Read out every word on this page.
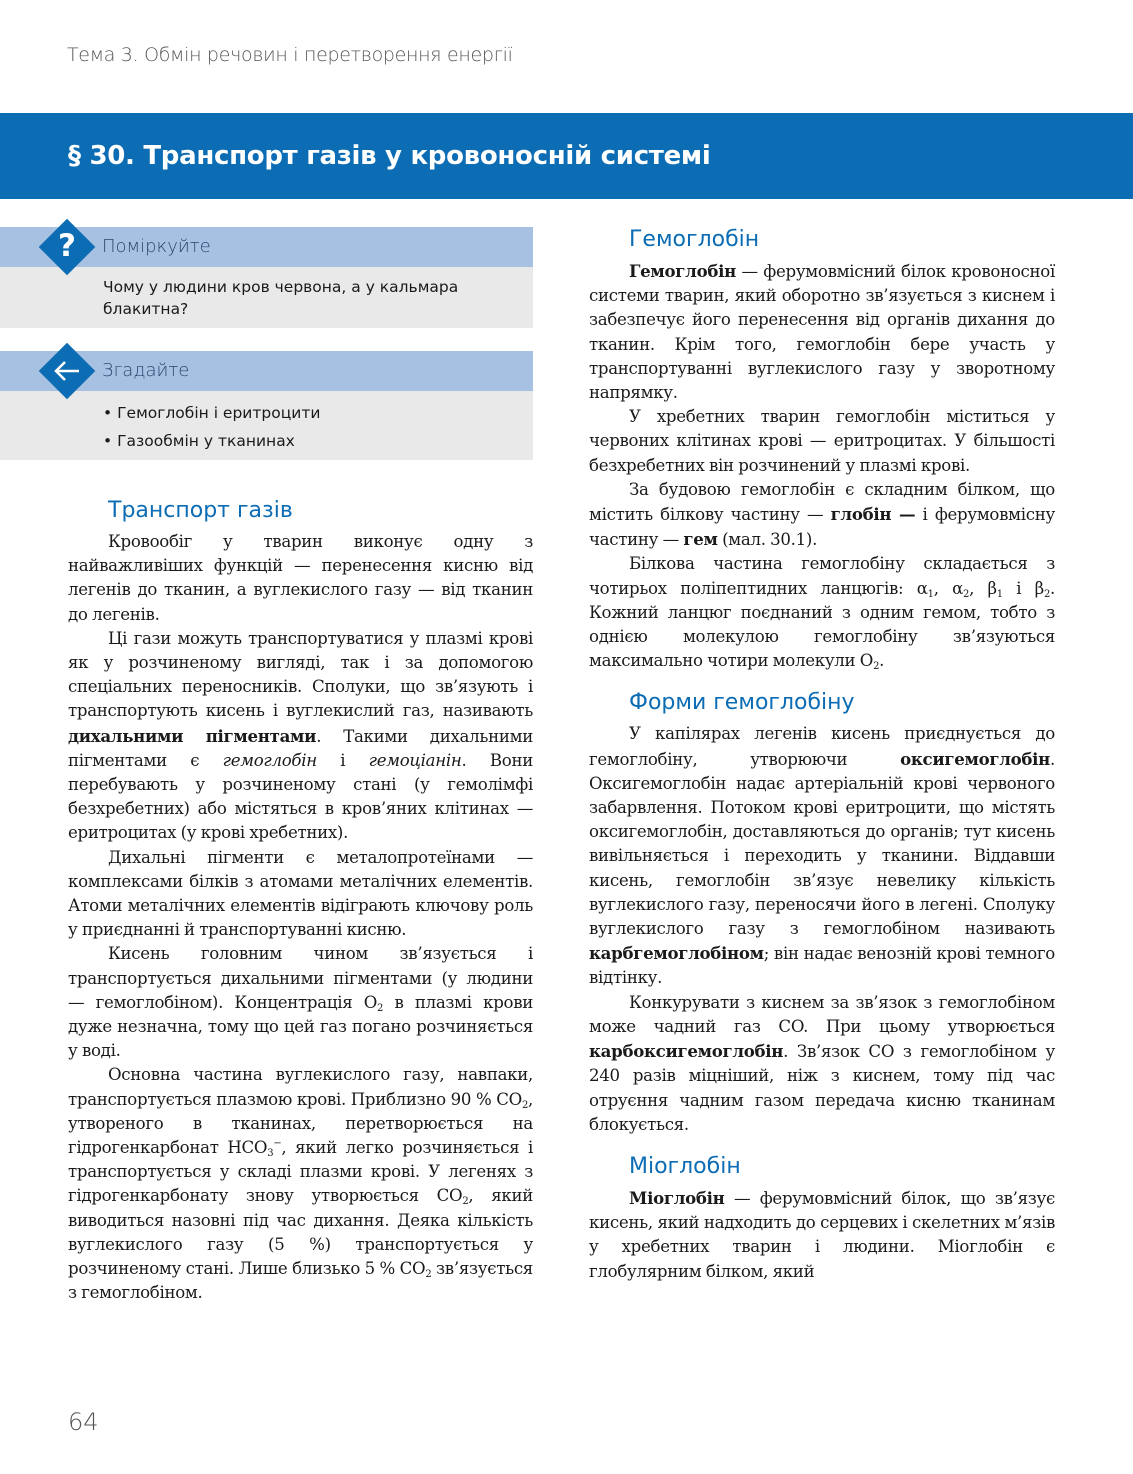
Тема 3. Обмін речовин і перетворення енергії
§ 30. Транспорт газів у кровоносній системі
?	Поміркуйте
Чому у людини кров червона, а у кальмара блакитна?
Згадайте
• Гемоглобін і еритроцити
• Газообмін у тканинах
Транспорт газів

Кровообіг у тварин виконує одну з найважливіших функцій — перенесення кисню від легенів до тканин, а вуглекислого газу — від тканин до легенів.

Ці гази можуть транспортуватися у плазмі крові як у розчиненому вигляді, так і за допомогою спеціальних переносників. Сполуки, що зв’язують і транспортують кисень і вуглекислий газ, називають дихальними пігментами. Такими дихальними пігментами є гемоглобін і гемоціанін. Вони перебувають у розчиненому стані (у гемолімфі безхребетних) або містяться в кров’яних клітинах — еритроцитах (у крові хребетних).

Дихальні пігменти є металопротеїнами — комплексами білків з атомами металічних елементів. Атоми металічних елементів відіграють ключову роль у приєднанні й транспортуванні кисню.

Кисень головним чином зв’язується і транспортується дихальними пігментами (у людини — гемоглобіном). Концентрація $O_2$ в плазмі крови дуже незначна, тому що цей газ погано розчиняється у воді.

Основна частина вуглекислого газу, навпаки, транспортується плазмою крові. Приблизно 90 % $CO_2$, утвореного в тканинах, перетворюється на гідрогенкарбонат $HCO_3^-$, який легко розчиняється і транспортується у складі плазми крові. У легенях з гідрогенкарбонату знову утворюється $CO_2$, який виводиться назовні під час дихання. Деяка кількість вуглекислого газу (5 %) транспортується у розчиненому стані. Лише близько 5 % $CO_2$ зв’язується з гемоглобіном.

Гемоглобін

Гемоглобін — ферумовмісний білок кровоносної системи тварин, який оборотно зв’язується з киснем і забезпечує його перенесення від органів дихання до тканин. Крім того, гемоглобін бере участь у транспортуванні вуглекислого газу у зворотному напрямку.

У хребетних тварин гемоглобін міститься у червоних клітинах крові — еритроцитах. У більшості безхребетних він розчинений у плазмі крові.

За будовою гемоглобін є складним білком, що містить білкову частину — глобін — і ферумовмісну частину — гем (мал. 30.1).

Білкова частина гемоглобіну складається з чотирьох поліпептидних ланцюгів: $\alpha_1$, $\alpha_2$, $\beta_1$ і $\beta_2$. Кожний ланцюг поєднаний з одним гемом, тобто з однією молекулою гемоглобіну зв’язуються максимально чотири молекули $O_2$.

Форми гемоглобіну

У капілярах легенів кисень приєднується до гемоглобіну, утворюючи оксигемоглобін. Оксигемоглобін надає артеріальній крові червоного забарвлення. Потоком крові еритроцити, що містять оксигемоглобін, доставляються до органів; тут кисень вивільняється і переходить у тканини. Віддавши кисень, гемоглобін зв’язує невелику кількість вуглекислого газу, переносячи його в легені. Сполуку вуглекислого газу з гемоглобіном називають карбгемоглобіном; він надає венозній крові темного відтінку.

Конкурувати з киснем за зв’язок з гемоглобіном може чадний газ CO. При цьому утворюється карбоксигемоглобін. Зв’язок CO з гемоглобіном у 240 разів міцніший, ніж з киснем, тому під час отруєння чадним газом передача кисню тканинам блокується.

Міоглобін

Міоглобін — ферумовмісний білок, що зв’язує кисень, який надходить до серцевих і скелетних м’язів у хребетних тварин і людини. Міоглобін є глобулярним білком, який

64
